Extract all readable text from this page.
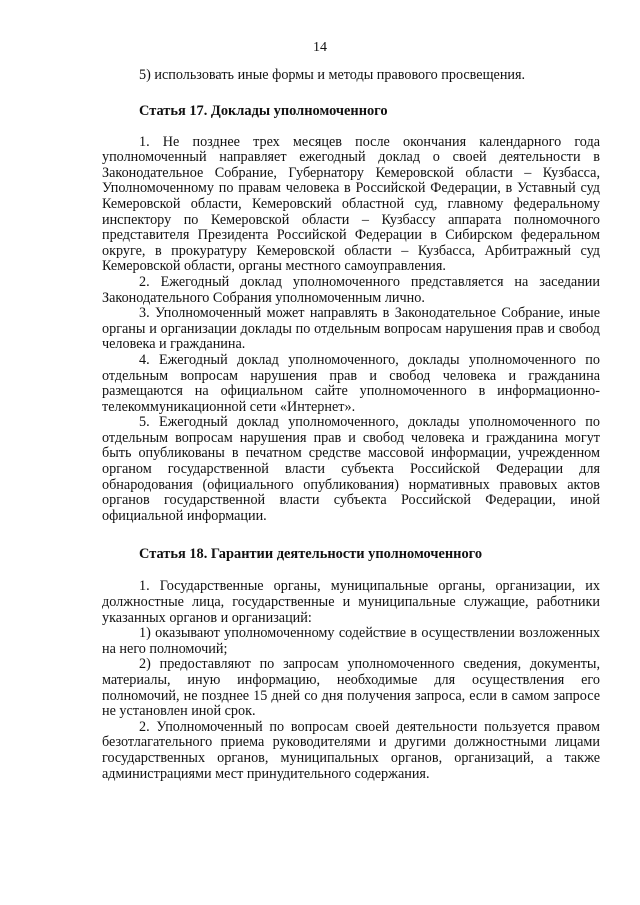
14

5) использовать иные формы и методы правового просвещения.

Статья 17. Доклады уполномоченного

1. Не позднее трех месяцев после окончания календарного года уполномоченный направляет ежегодный доклад о своей деятельности в Законодательное Собрание, Губернатору Кемеровской области – Кузбасса, Уполномоченному по правам человека в Российской Федерации, в Уставный суд Кемеровской области, Кемеровский областной суд, главному федеральному инспектору по Кемеровской области – Кузбассу аппарата полномочного представителя Президента Российской Федерации в Сибирском федеральном округе, в прокуратуру Кемеровской области – Кузбасса, Арбитражный суд Кемеровской области, органы местного самоуправления.

2. Ежегодный доклад уполномоченного представляется на заседании Законодательного Собрания уполномоченным лично.

3. Уполномоченный может направлять в Законодательное Собрание, иные органы и организации доклады по отдельным вопросам нарушения прав и свобод человека и гражданина.

4. Ежегодный доклад уполномоченного, доклады уполномоченного по отдельным вопросам нарушения прав и свобод человека и гражданина размещаются на официальном сайте уполномоченного в информационно-телекоммуникационной сети «Интернет».

5. Ежегодный доклад уполномоченного, доклады уполномоченного по отдельным вопросам нарушения прав и свобод человека и гражданина могут быть опубликованы в печатном средстве массовой информации, учрежденном органом государственной власти субъекта Российской Федерации для обнародования (официального опубликования) нормативных правовых актов органов государственной власти субъекта Российской Федерации, иной официальной информации.

Статья 18. Гарантии деятельности уполномоченного

1. Государственные органы, муниципальные органы, организации, их должностные лица, государственные и муниципальные служащие, работники указанных органов и организаций:

1) оказывают уполномоченному содействие в осуществлении возложенных на него полномочий;

2) предоставляют по запросам уполномоченного сведения, документы, материалы, иную информацию, необходимые для осуществления его полномочий, не позднее 15 дней со дня получения запроса, если в самом запросе не установлен иной срок.

2. Уполномоченный по вопросам своей деятельности пользуется правом безотлагательного приема руководителями и другими должностными лицами государственных органов, муниципальных органов, организаций, а также администрациями мест принудительного содержания.
